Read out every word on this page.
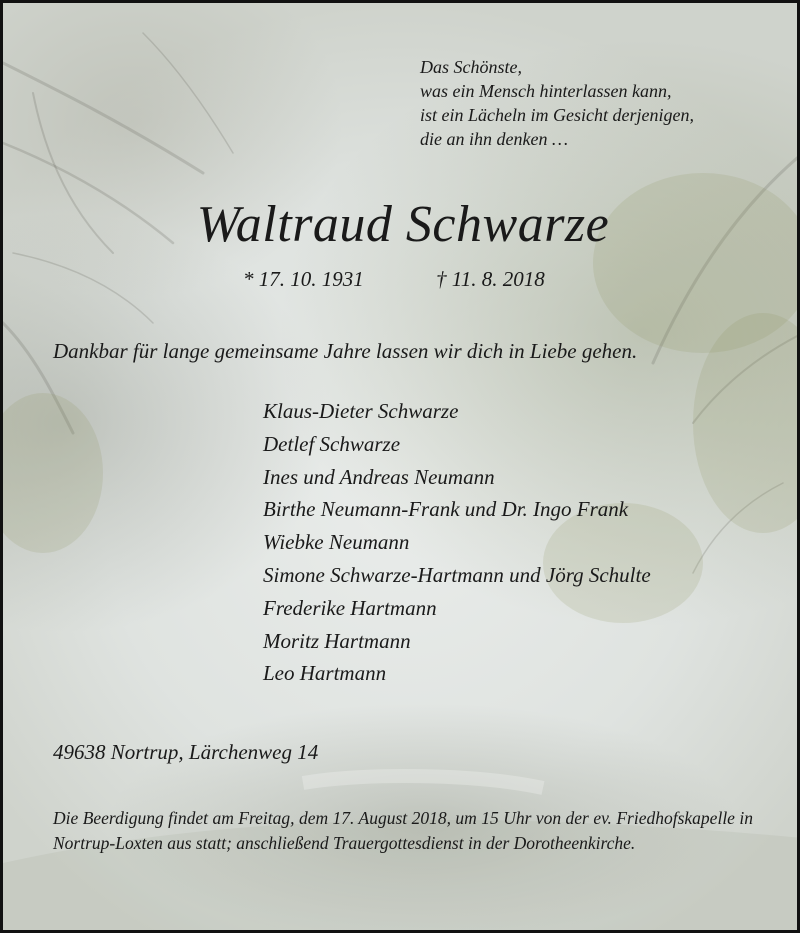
Das Schönste,
was ein Mensch hinterlassen kann,
ist ein Lächeln im Gesicht derjenigen,
die an ihn denken …
Waltraud Schwarze
* 17. 10. 1931	† 11. 8. 2018
Dankbar für lange gemeinsame Jahre lassen wir dich in Liebe gehen.
Klaus-Dieter Schwarze
Detlef Schwarze
Ines und Andreas Neumann
Birthe Neumann-Frank und Dr. Ingo Frank
Wiebke Neumann
Simone Schwarze-Hartmann und Jörg Schulte
Frederike Hartmann
Moritz Hartmann
Leo Hartmann
49638 Nortrup, Lärchenweg 14

Die Beerdigung findet am Freitag, dem 17. August 2018, um 15 Uhr von der ev. Friedhofskapelle in Nortrup-Loxten aus statt; anschließend Trauergottesdienst in der Dorotheenkirche.
